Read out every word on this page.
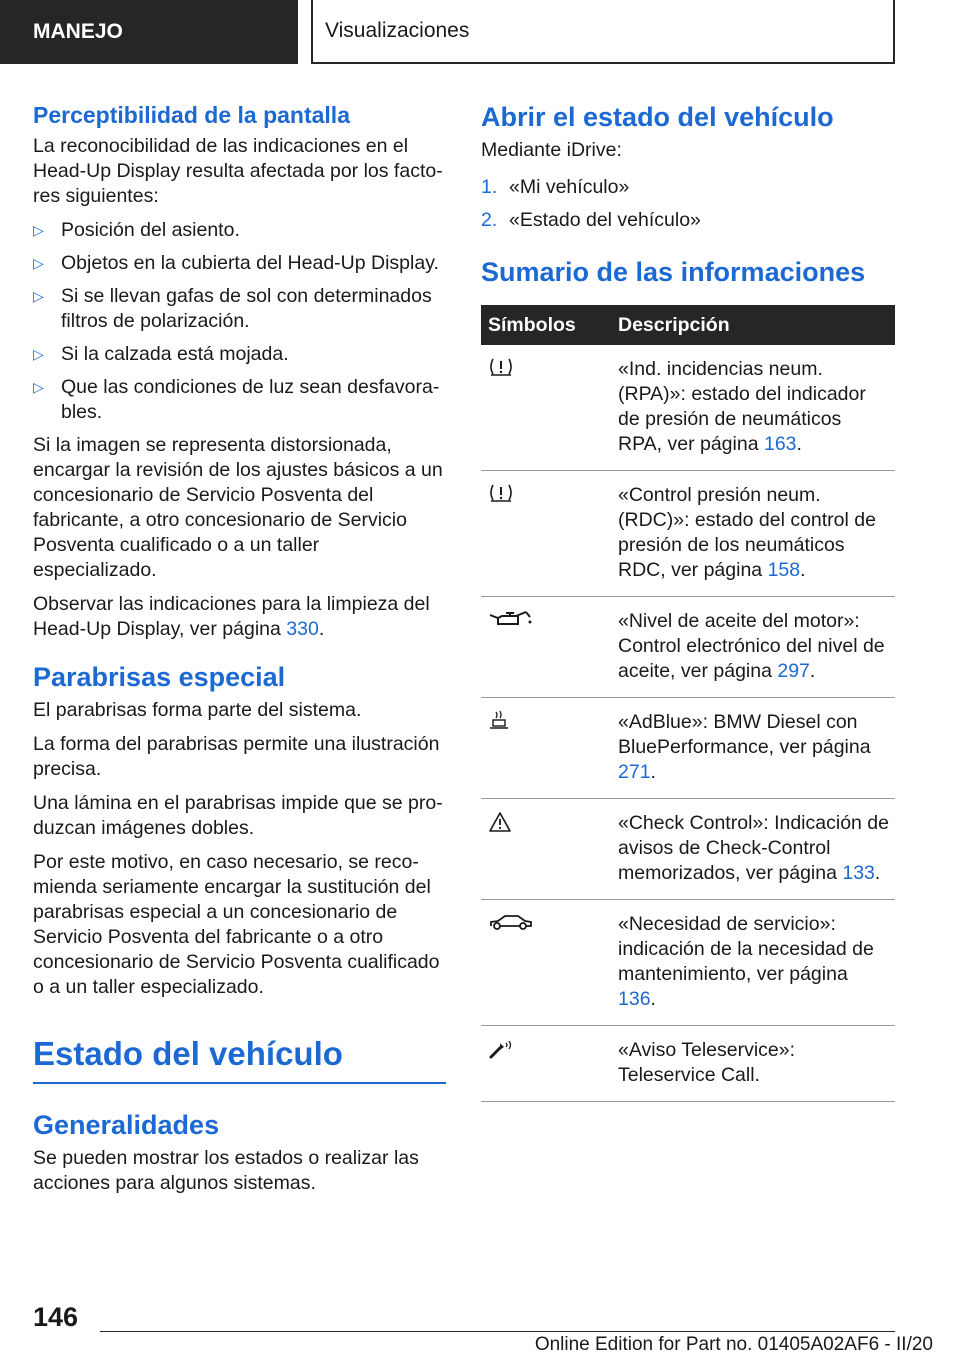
MANEJO	Visualizaciones
Perceptibilidad de la pantalla

La reconocibilidad de las indicaciones en el Head-Up Display resulta afectada por los factores siguientes:

▷ Posición del asiento.
▷ Objetos en la cubierta del Head-Up Display.
▷ Si se llevan gafas de sol con determinados filtros de polarización.
▷ Si la calzada está mojada.
▷ Que las condiciones de luz sean desfavorables.

Si la imagen se representa distorsionada, encargar la revisión de los ajustes básicos a un concesionario de Servicio Posventa del fabricante, a otro concesionario de Servicio Posventa cualificado o a un taller especializado.

Observar las indicaciones para la limpieza del Head-Up Display, ver página 330.

Parabrisas especial

El parabrisas forma parte del sistema.

La forma del parabrisas permite una ilustración precisa.

Una lámina en el parabrisas impide que se produzcan imágenes dobles.

Por este motivo, en caso necesario, se recomienda seriamente encargar la sustitución del parabrisas especial a un concesionario de Servicio Posventa del fabricante o a otro concesionario de Servicio Posventa cualificado o a un taller especializado.

Estado del vehículo
Generalidades

Se pueden mostrar los estados o realizar las acciones para algunos sistemas.

Abrir el estado del vehículo

Mediante iDrive:

1. «Mi vehículo»
2. «Estado del vehículo»
Sumario de las informaciones
Símbolos	Descripción

	«Ind. incidencias neum. (RPA)»: estado del indicador de presión de neumáticos RPA, ver página 163.

	«Control presión neum. (RDC)»: estado del control de presión de los neumáticos RDC, ver página 158.

	«Nivel de aceite del motor»: Control electrónico del nivel de aceite, ver página 297.

	«AdBlue»: BMW Diesel con BluePerformance, ver página 271.

	«Check Control»: Indicación de avisos de Check-Control memorizados, ver página 133.

	«Necesidad de servicio»: indicación de la necesidad de mantenimiento, ver página 136.

	«Aviso Teleservice»: Teleservice Call.
146
Online Edition for Part no. 01405A02AF6 - II/20
